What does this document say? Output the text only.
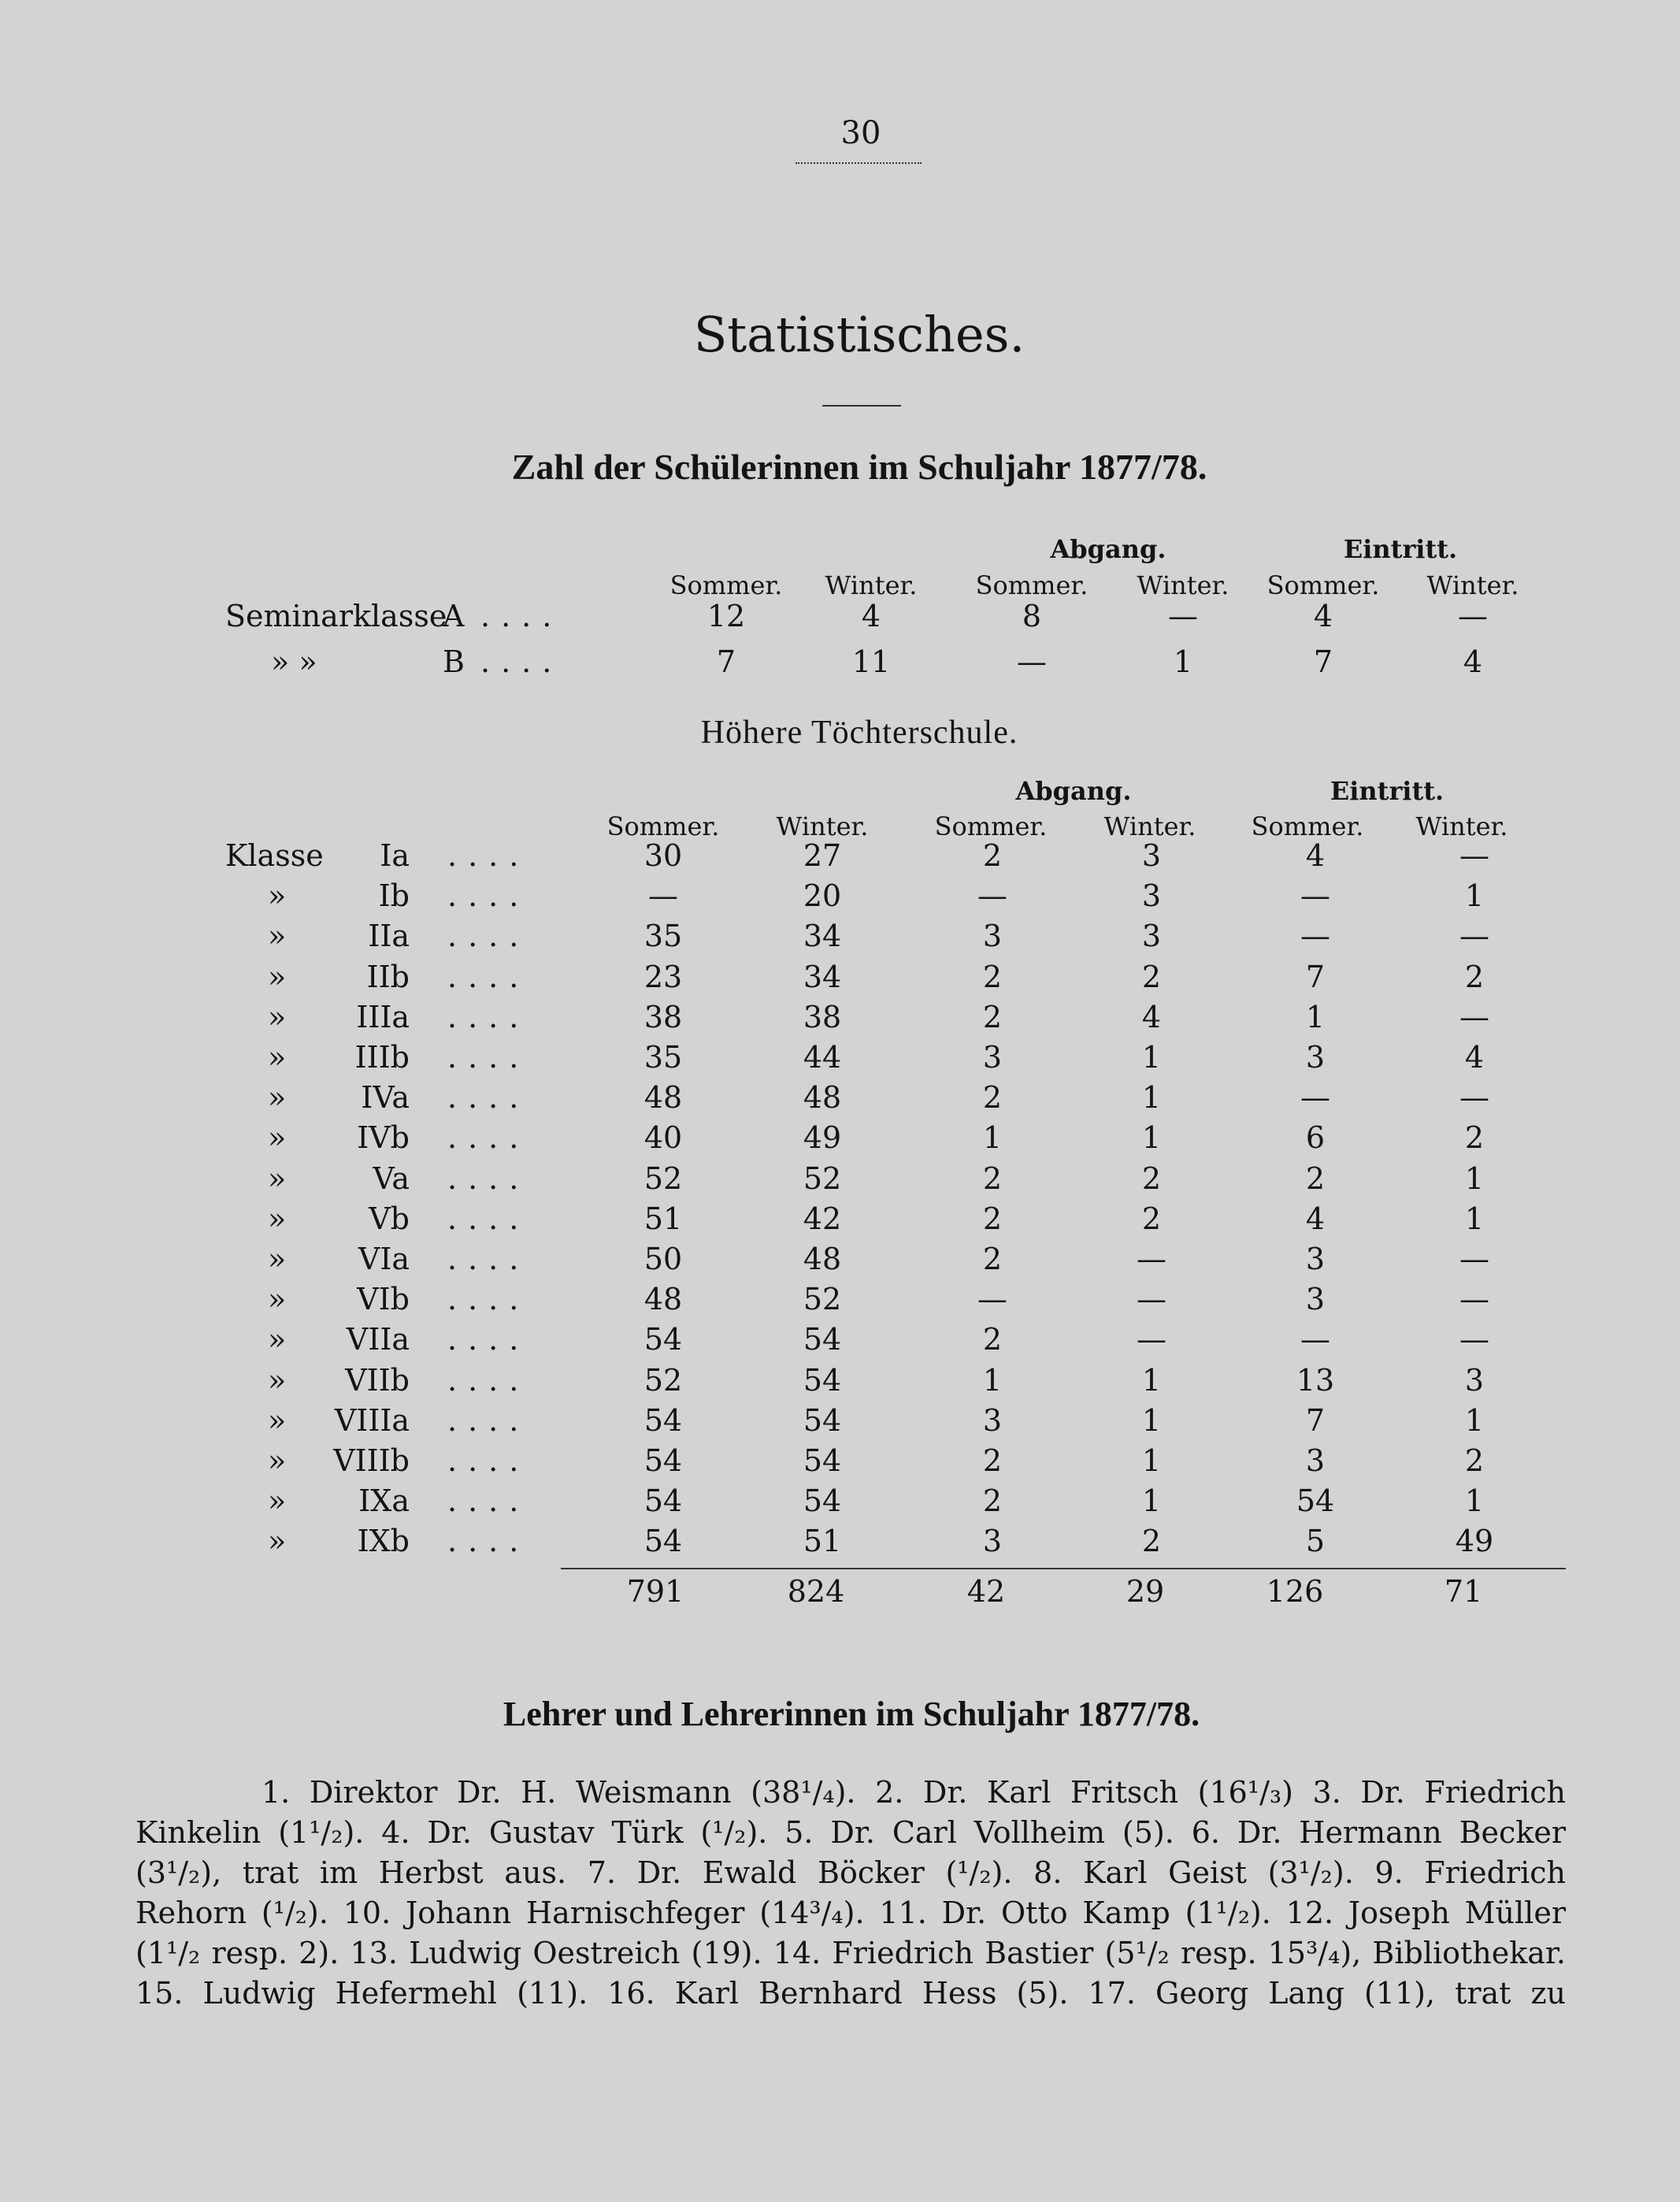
30
Statistisches.
Zahl der Schülerinnen im Schuljahr 1877/78.
Abgang.	Eintritt.
Sommer. Winter. Sommer. Winter. Sommer. Winter.
Seminarklasse
A ....	12	4	8	—	4	—
» »	B ....	7	11	—	1	7	4
Höhere Töchterschule.
Abgang.	Eintritt.
Sommer. Winter.	Sommer. Winter. Sommer. Winter.
Klasse Ia ....	30	27	2	3	4	—
»	Ib ....	—	20	—	3	—	1
»	IIa ....	35	34	3	3	—	—
»	IIb ....	23	34	2	2	7	2
» IIIa ....	38	38	2	4	1	—
» IIIb ....	35	44	3	1	3	4
»	IVa ....	48	48	2	1	—	—
» IVb ....	40	49	1	1	6	2
»	Va ....	52	52	2	2	2	1
»	Vb ....	51	42	2	2	4	1
» VIa ....	50	48	2	—	3	—
» VIb ....	48	52	—	—	3	—
» VIIa ....	54	54	2	—	—	—
» VIIb ....	52	54	1	1	13	3
» VIIIa ....	54	54	3	1	7	1
» VIIIb ....	54	54	2	1	3	2
» IXa ....	54	54	2	1	54	1
» IXb ....	54	51	3	2	5	49
791	824	42	29	126	71
Lehrer und Lehrerinnen im Schuljahr 1877/78.
1. Direktor Dr. H. Weismann (38¹/₄). 2. Dr. Karl Fritsch (16¹/₃) 3. Dr. Friedrich
Kinkelin (1¹/₂). 4. Dr. Gustav Türk (¹/₂). 5. Dr. Carl Vollheim (5). 6. Dr. Hermann Becker
(3¹/₂), trat im Herbst aus. 7. Dr. Ewald Böcker (¹/₂). 8. Karl Geist (3¹/₂). 9. Friedrich
Rehorn (¹/₂). 10. Johann Harnischfeger (14³/₄). 11. Dr. Otto Kamp (1¹/₂). 12. Joseph Müller
(1¹/₂ resp. 2). 13. Ludwig Oestreich (19). 14. Friedrich Bastier (5¹/₂ resp. 15³/₄), Bibliothekar.
15. Ludwig Hefermehl (11). 16. Karl Bernhard Hess (5). 17. Georg Lang (11), trat zu
